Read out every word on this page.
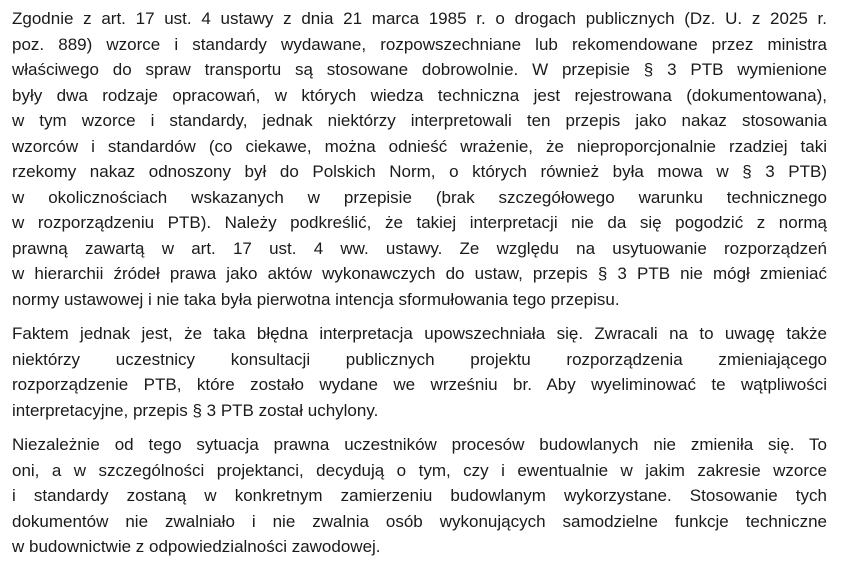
Zgodnie z art. 17 ust. 4 ustawy z dnia 21 marca 1985 r. o drogach publicznych (Dz. U. z 2025 r.
poz. 889) wzorce i standardy wydawane, rozpowszechniane lub rekomendowane przez ministra
właściwego do spraw transportu są stosowane dobrowolnie. W przepisie § 3 PTB wymienione
były dwa rodzaje opracowań, w których wiedza techniczna jest rejestrowana (dokumentowana),
w tym wzorce i standardy, jednak niektórzy interpretowali ten przepis jako nakaz stosowania
wzorców i standardów (co ciekawe, można odnieść wrażenie, że nieproporcjonalnie rzadziej taki
rzekomy nakaz odnoszony był do Polskich Norm, o których również była mowa w § 3 PTB)
w okolicznościach wskazanych w przepisie (brak szczegółowego warunku technicznego
w rozporządzeniu PTB). Należy podkreślić, że takiej interpretacji nie da się pogodzić z normą
prawną zawartą w art. 17 ust. 4 ww. ustawy. Ze względu na usytuowanie rozporządzeń
w hierarchii źródeł prawa jako aktów wykonawczych do ustaw, przepis § 3 PTB nie mógł zmieniać
normy ustawowej i nie taka była pierwotna intencja sformułowania tego przepisu.

Faktem jednak jest, że taka błędna interpretacja upowszechniała się. Zwracali na to uwagę także
niektórzy uczestnicy konsultacji publicznych projektu rozporządzenia zmieniającego
rozporządzenie PTB, które zostało wydane we wrześniu br. Aby wyeliminować te wątpliwości
interpretacyjne, przepis § 3 PTB został uchylony.

Niezależnie od tego sytuacja prawna uczestników procesów budowlanych nie zmieniła się. To
oni, a w szczególności projektanci, decydują o tym, czy i ewentualnie w jakim zakresie wzorce
i standardy zostaną w konkretnym zamierzeniu budowlanym wykorzystane. Stosowanie tych
dokumentów nie zwalniało i nie zwalnia osób wykonujących samodzielne funkcje techniczne
w budownictwie z odpowiedzialności zawodowej.
